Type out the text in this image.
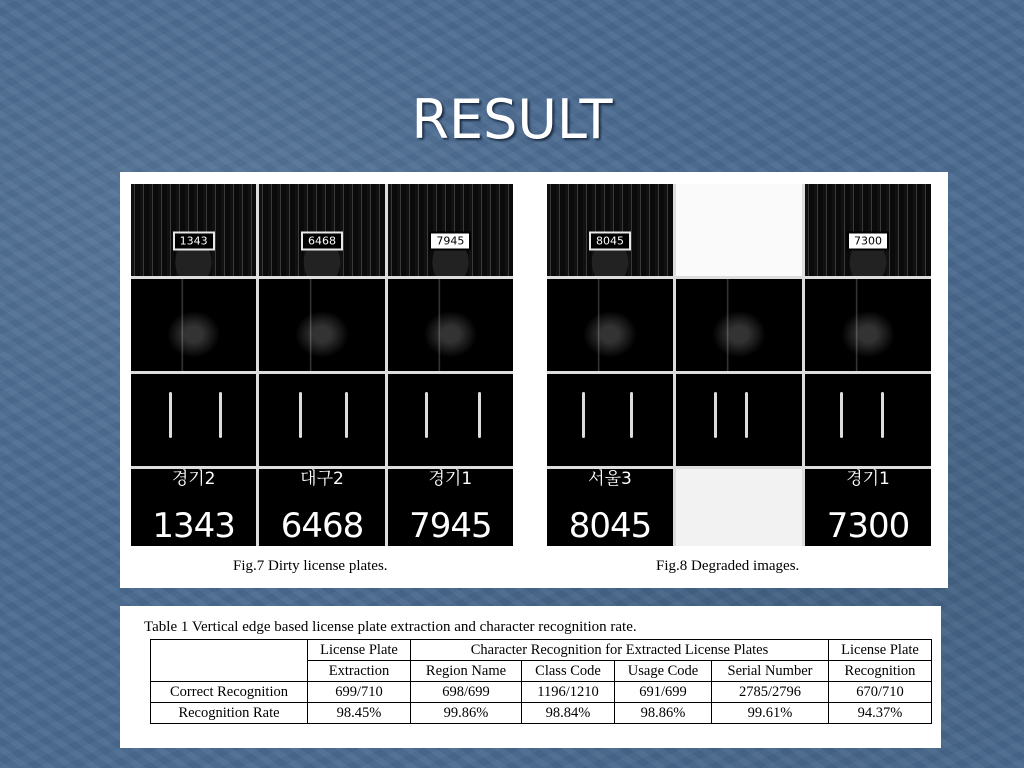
RESULT
1343	6468	7945
경기2
1343
대구2
6468
경기1
7945
8045	7300
서울3
8045
경기1
7300
Fig.7 Dirty license plates.	Fig.8 Degraded images.
Table 1 Vertical edge based license plate extraction and character recognition rate.
	License Plate	Character Recognition for Extracted License Plates				License Plate
	Extraction	Region Name	Class Code	Usage Code	Serial Number	Recognition
Correct Recognition	699/710	698/699	1196/1210	691/699	2785/2796	670/710
Recognition Rate	98.45%	99.86%	98.84%	98.86%	99.61%	94.37%
